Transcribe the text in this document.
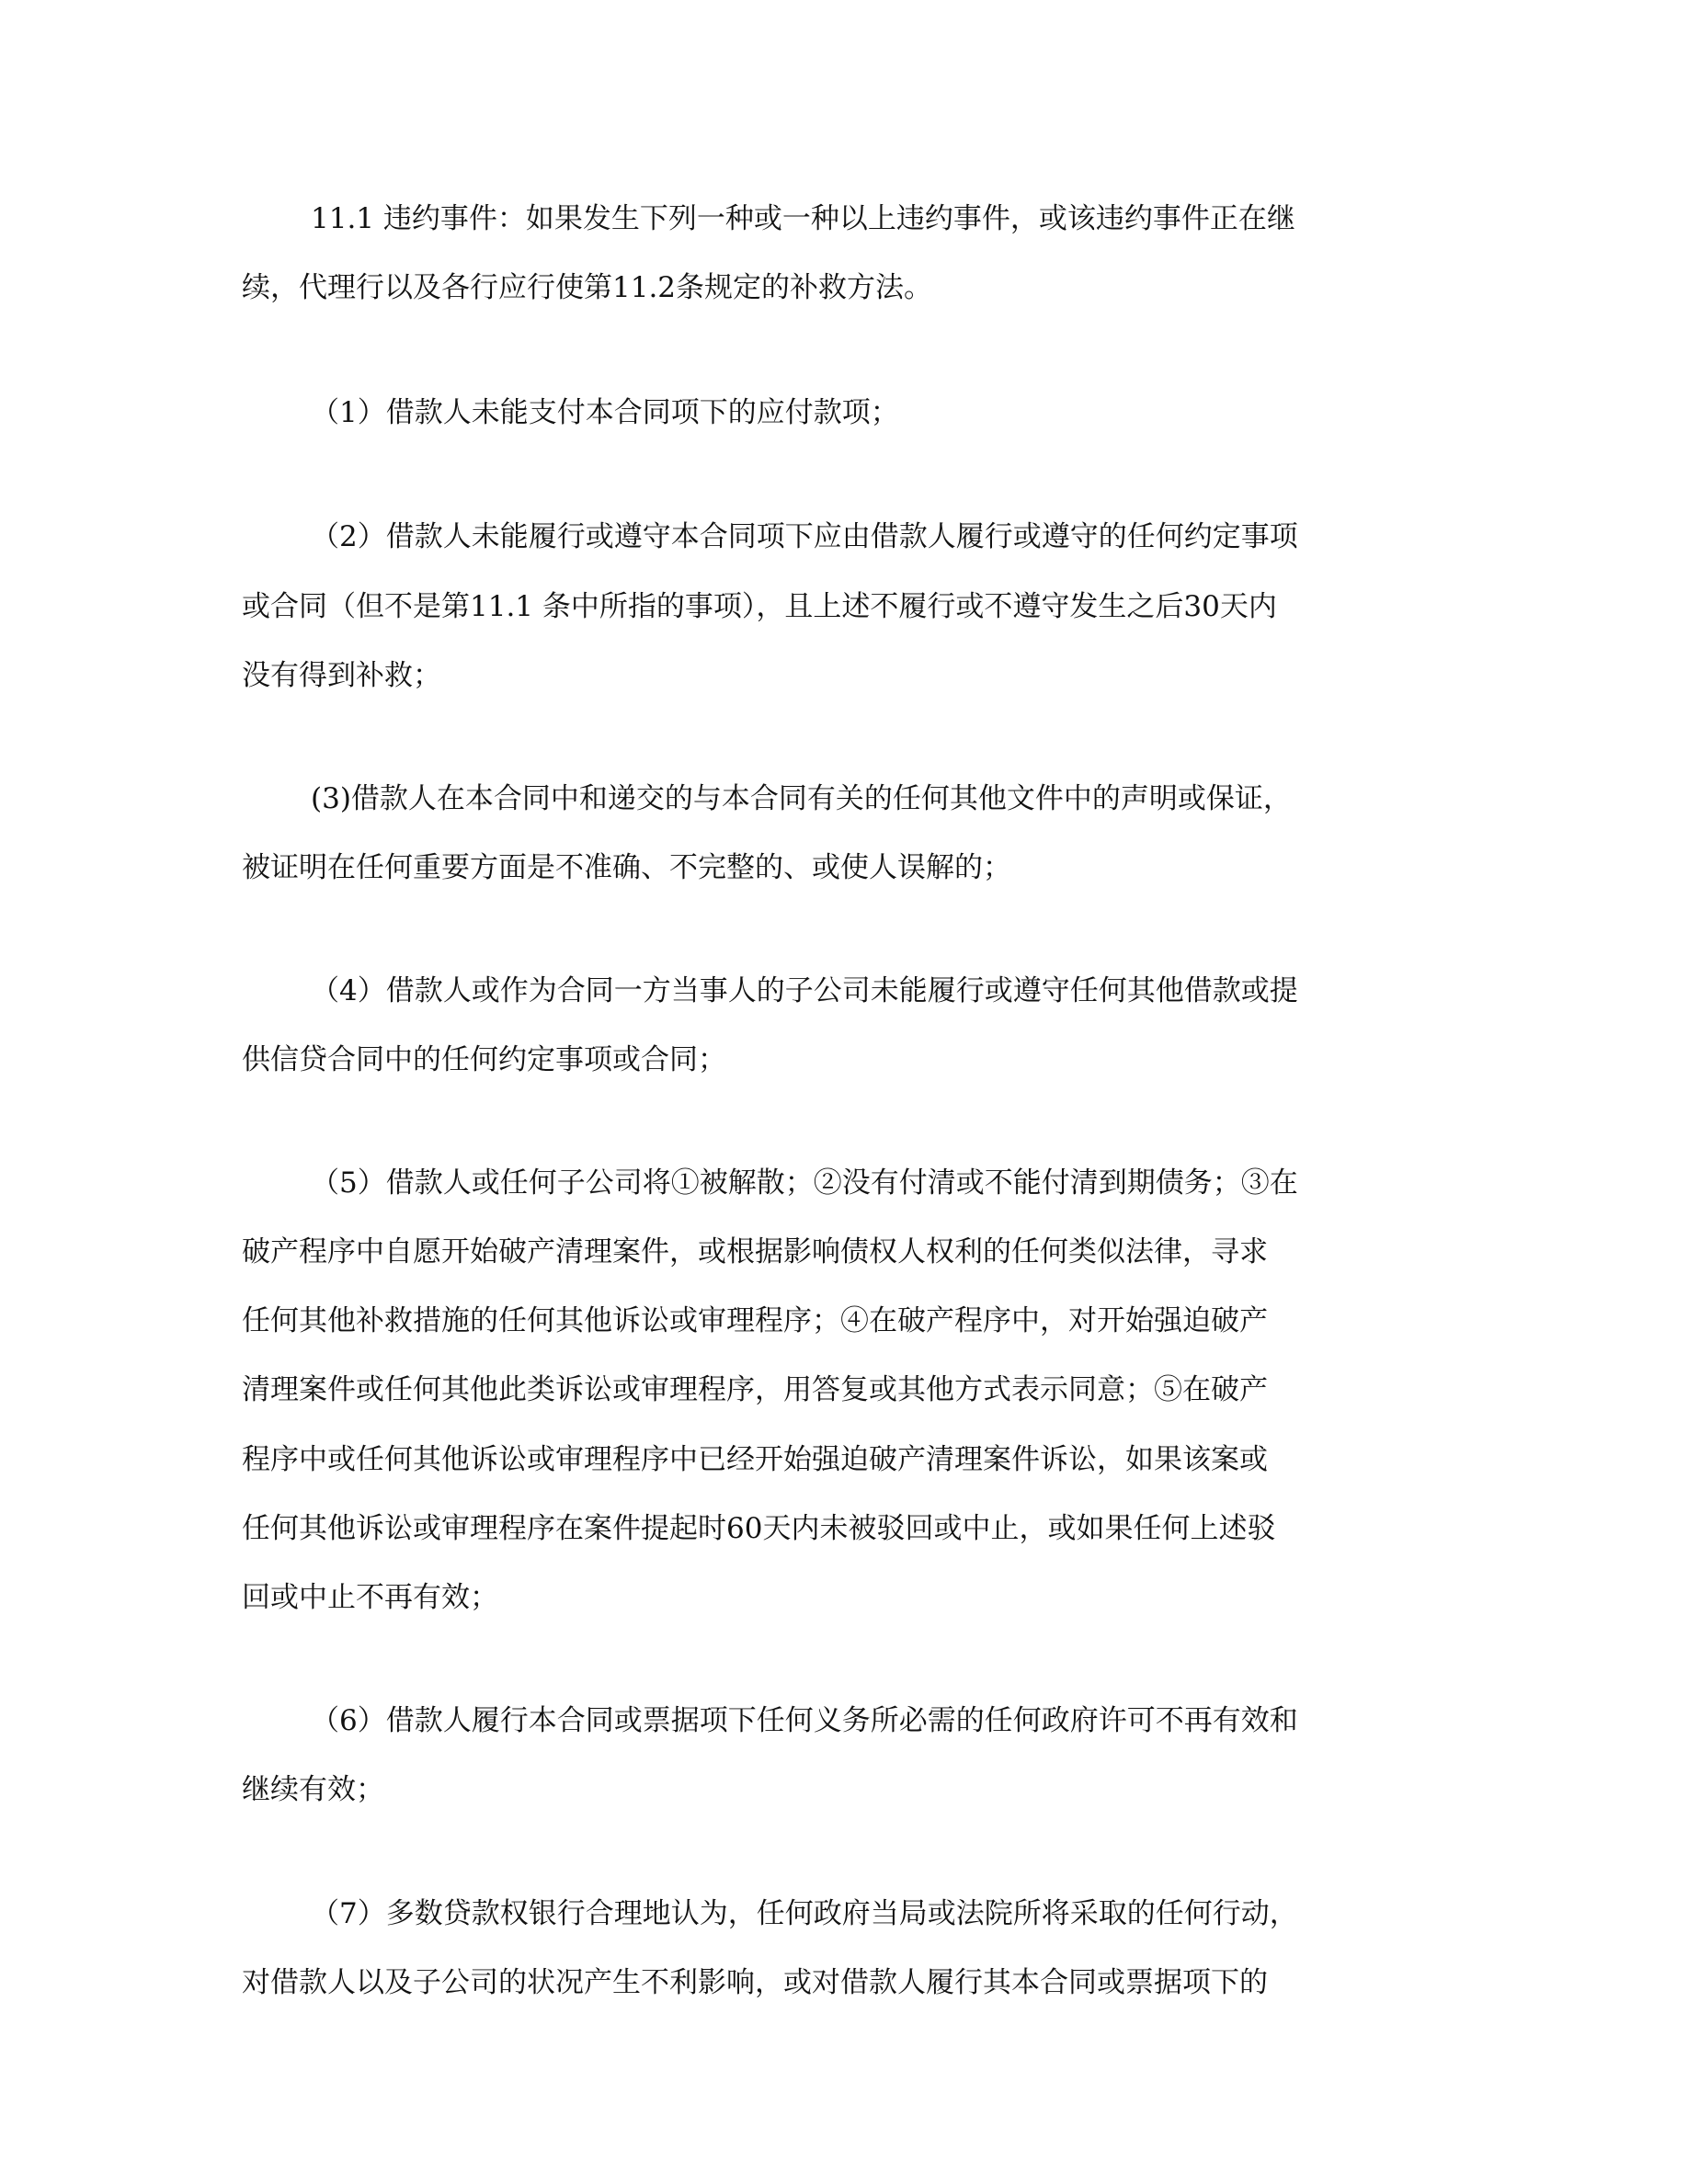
11.1 违约事件：如果发生下列一种或一种以上违约事件，或该违约事件正在继
续，代理行以及各行应行使第11.2条规定的补救方法。
（1）借款人未能支付本合同项下的应付款项；
（2）借款人未能履行或遵守本合同项下应由借款人履行或遵守的任何约定事项
或合同（但不是第11.1 条中所指的事项），且上述不履行或不遵守发生之后30天内
没有得到补救；
(3)借款人在本合同中和递交的与本合同有关的任何其他文件中的声明或保证，
被证明在任何重要方面是不准确、不完整的、或使人误解的；
（4）借款人或作为合同一方当事人的子公司未能履行或遵守任何其他借款或提
供信贷合同中的任何约定事项或合同；
（5）借款人或任何子公司将①被解散；②没有付清或不能付清到期债务；③在
破产程序中自愿开始破产清理案件，或根据影响债权人权利的任何类似法律，寻求
任何其他补救措施的任何其他诉讼或审理程序；④在破产程序中，对开始强迫破产
清理案件或任何其他此类诉讼或审理程序，用答复或其他方式表示同意；⑤在破产
程序中或任何其他诉讼或审理程序中已经开始强迫破产清理案件诉讼，如果该案或
任何其他诉讼或审理程序在案件提起时60天内未被驳回或中止，或如果任何上述驳
回或中止不再有效；
（6）借款人履行本合同或票据项下任何义务所必需的任何政府许可不再有效和
继续有效；
（7）多数贷款权银行合理地认为，任何政府当局或法院所将采取的任何行动，
对借款人以及子公司的状况产生不利影响，或对借款人履行其本合同或票据项下的
